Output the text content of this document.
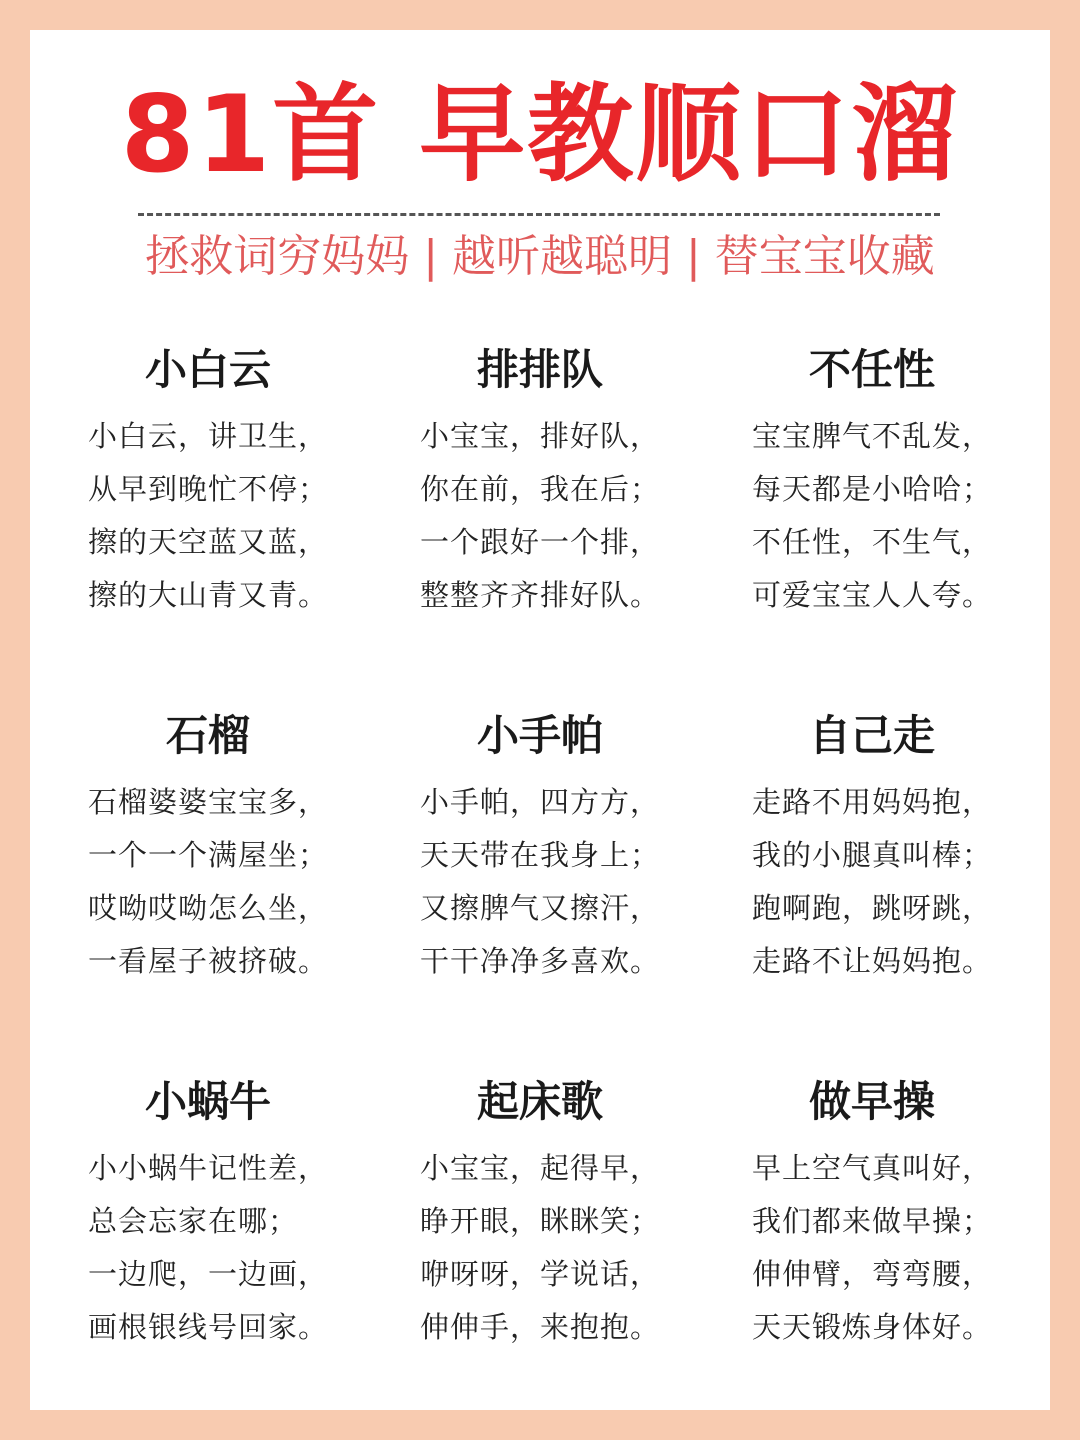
81首 早教顺口溜
拯救词穷妈妈 | 越听越聪明 | 替宝宝收藏
小白云
小白云，讲卫生，
从早到晚忙不停；
擦的天空蓝又蓝，
擦的大山青又青。
排排队
小宝宝，排好队，
你在前，我在后；
一个跟好一个排，
整整齐齐排好队。
不任性
宝宝脾气不乱发，
每天都是小哈哈；
不任性，不生气，
可爱宝宝人人夸。
石榴
石榴婆婆宝宝多，
一个一个满屋坐；
哎呦哎呦怎么坐，
一看屋子被挤破。
小手帕
小手帕，四方方，
天天带在我身上；
又擦脾气又擦汗，
干干净净多喜欢。
自己走
走路不用妈妈抱，
我的小腿真叫棒；
跑啊跑，跳呀跳，
走路不让妈妈抱。
小蜗牛
小小蜗牛记性差，
总会忘家在哪；
一边爬，一边画，
画根银线号回家。
起床歌
小宝宝，起得早，
睁开眼，眯眯笑；
咿呀呀，学说话，
伸伸手，来抱抱。
做早操
早上空气真叫好，
我们都来做早操；
伸伸臂，弯弯腰，
天天锻炼身体好。
